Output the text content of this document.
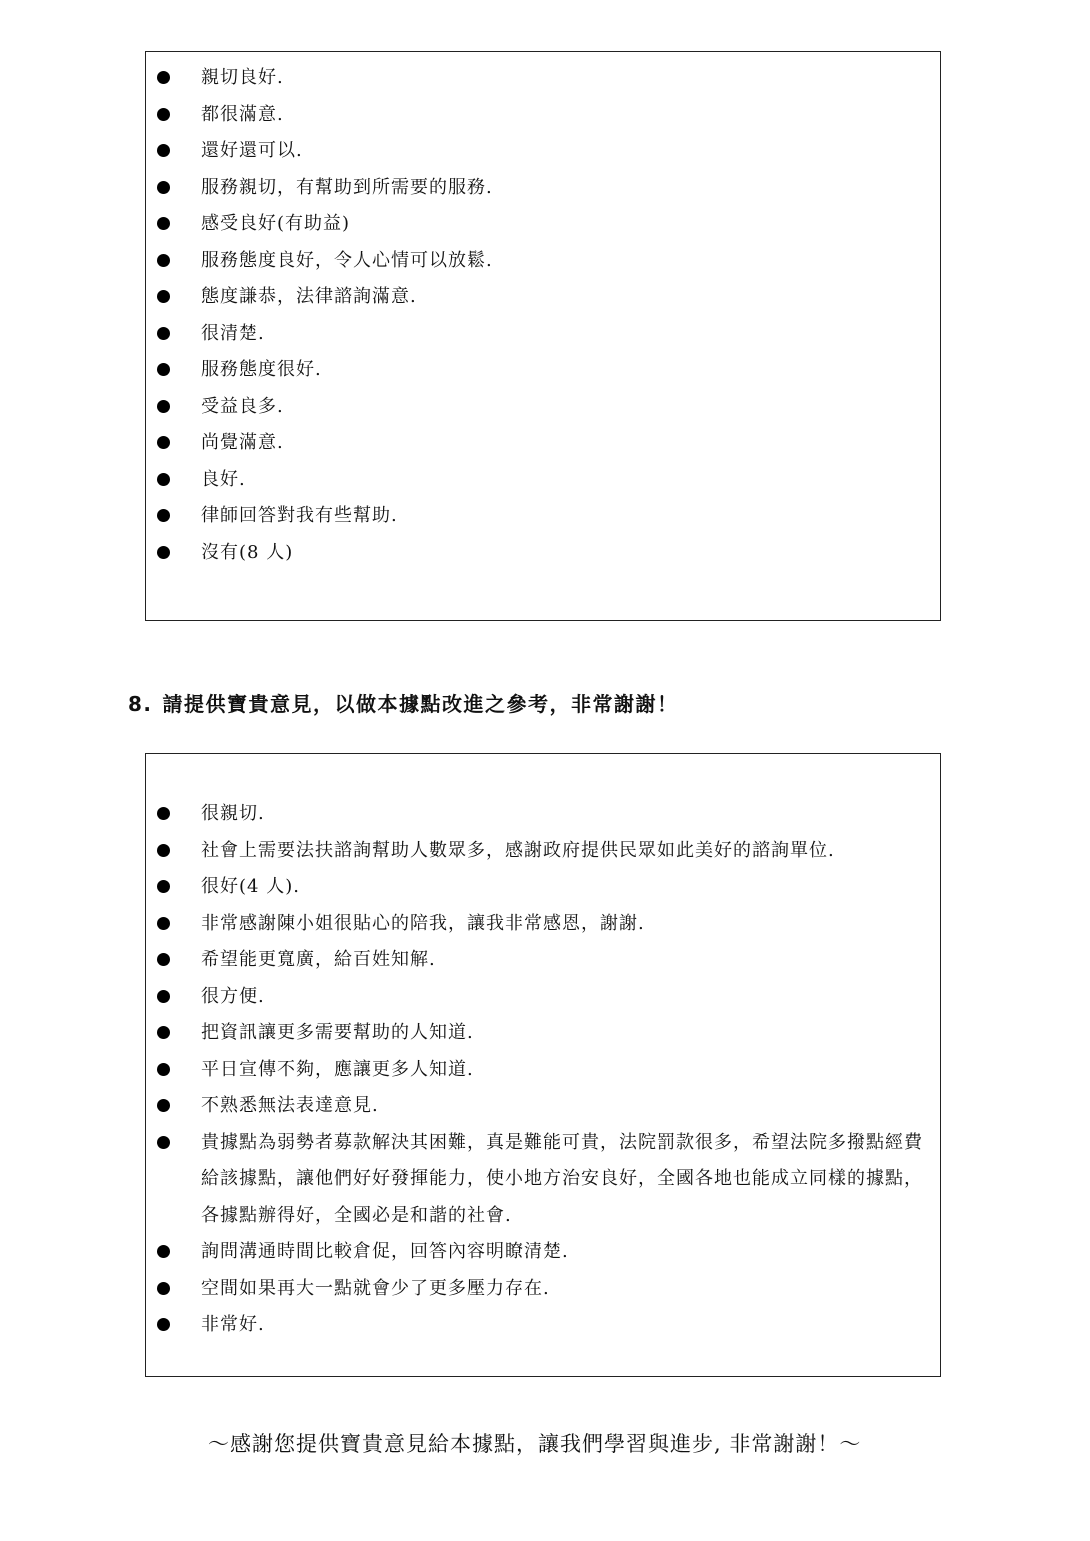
親切良好.
都很滿意.
還好還可以.
服務親切，有幫助到所需要的服務.
感受良好(有助益)
服務態度良好，令人心情可以放鬆.
態度謙恭，法律諮詢滿意.
很清楚.
服務態度很好.
受益良多.
尚覺滿意.
良好.
律師回答對我有些幫助.
沒有(8 人)
8. 請提供寶貴意見，以做本據點改進之參考，非常謝謝！
很親切.
社會上需要法扶諮詢幫助人數眾多，感謝政府提供民眾如此美好的諮詢單位.
很好(4 人).
非常感謝陳小姐很貼心的陪我，讓我非常感恩，謝謝.
希望能更寬廣，給百姓知解.
很方便.
把資訊讓更多需要幫助的人知道.
平日宣傳不夠，應讓更多人知道.
不熟悉無法表達意見.
貴據點為弱勢者募款解決其困難，真是難能可貴，法院罰款很多，希望法院多撥點經費給該據點，讓他們好好發揮能力，使小地方治安良好，全國各地也能成立同樣的據點，各據點辦得好，全國必是和諧的社會.
詢問溝通時間比較倉促，回答內容明瞭清楚.
空間如果再大一點就會少了更多壓力存在.
非常好.
～感謝您提供寶貴意見給本據點，讓我們學習與進步, 非常謝謝！～
